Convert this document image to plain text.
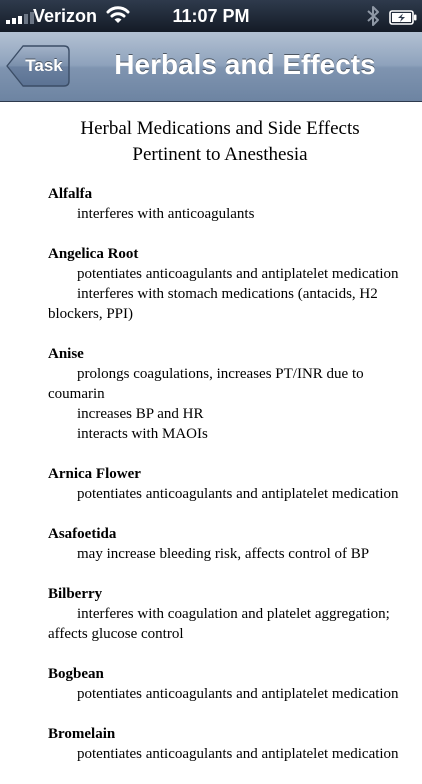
Verizon	11:07 PM
Task	Herbals and Effects
Herbal Medications and Side Effects
Pertinent to Anesthesia
Alfalfa

interferes with anticoagulants

Angelica Root

potentiates anticoagulants and antiplatelet medication

interferes with stomach medications (antacids, H2 blockers, PPI)

Anise

prolongs coagulations, increases PT/INR due to coumarin

increases BP and HR

interacts with MAOIs

Arnica Flower

potentiates anticoagulants and antiplatelet medication

Asafoetida

may increase bleeding risk, affects control of BP

Bilberry

interferes with coagulation and platelet aggregation; affects glucose control

Bogbean

potentiates anticoagulants and antiplatelet medication

Bromelain

potentiates anticoagulants and antiplatelet medication
